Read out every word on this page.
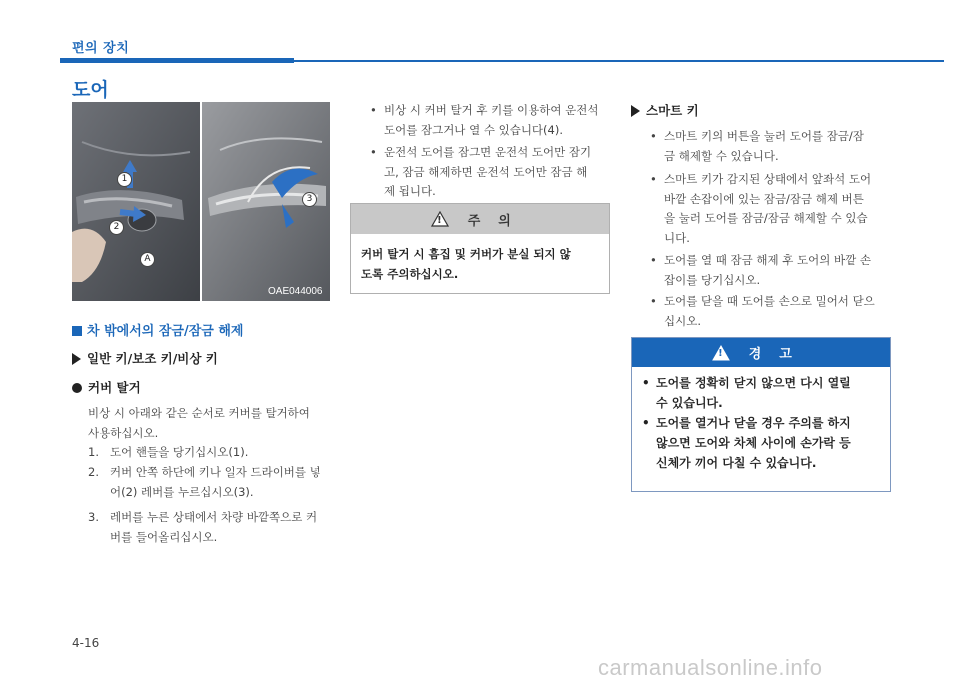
편의 장치
도어
1
2
3
A
OAE044006
차 밖에서의 잠금/잠금 해제
일반 키/보조 키/비상 키
커버 탈거
비상 시 아래와 같은 순서로 커버를 탈거하여
사용하십시오.
1. 도어 핸들을 당기십시오(1).
2. 커버 안쪽 하단에 키나 일자 드라이버를 넣
어(2) 레버를 누르십시오(3).
3. 레버를 누른 상태에서 차량 바깥쪽으로 커
버를 들어올리십시오.
• 비상 시 커버 탈거 후 키를 이용하여 운전석
도어를 잠그거나 열 수 있습니다(4).
• 운전석 도어를 잠그면 운전석 도어만 잠기
고, 잠금 해제하면 운전석 도어만 잠금 해
제 됩니다.
! 주의
커버 탈거 시 흠집 및 커버가 분실 되지 않
도록 주의하십시오.
스마트 키
• 스마트 키의 버튼을 눌러 도어를 잠금/잠
금 해제할 수 있습니다.
• 스마트 키가 감지된 상태에서 앞좌석 도어
바깥 손잡이에 있는 잠금/잠금 해제 버튼
을 눌러 도어를 잠금/잠금 해제할 수 있습
니다.
• 도어를 열 때 잠금 해제 후 도어의 바깥 손
잡이를 당기십시오.
• 도어를 닫을 때 도어를 손으로 밀어서 닫으
십시오.
! 경고
• 도어를 정확히 닫지 않으면 다시 열릴
수 있습니다.
• 도어를 열거나 닫을 경우 주의를 하지
않으면 도어와 차체 사이에 손가락 등
신체가 끼어 다칠 수 있습니다.
4-16
carmanualsonline.info
